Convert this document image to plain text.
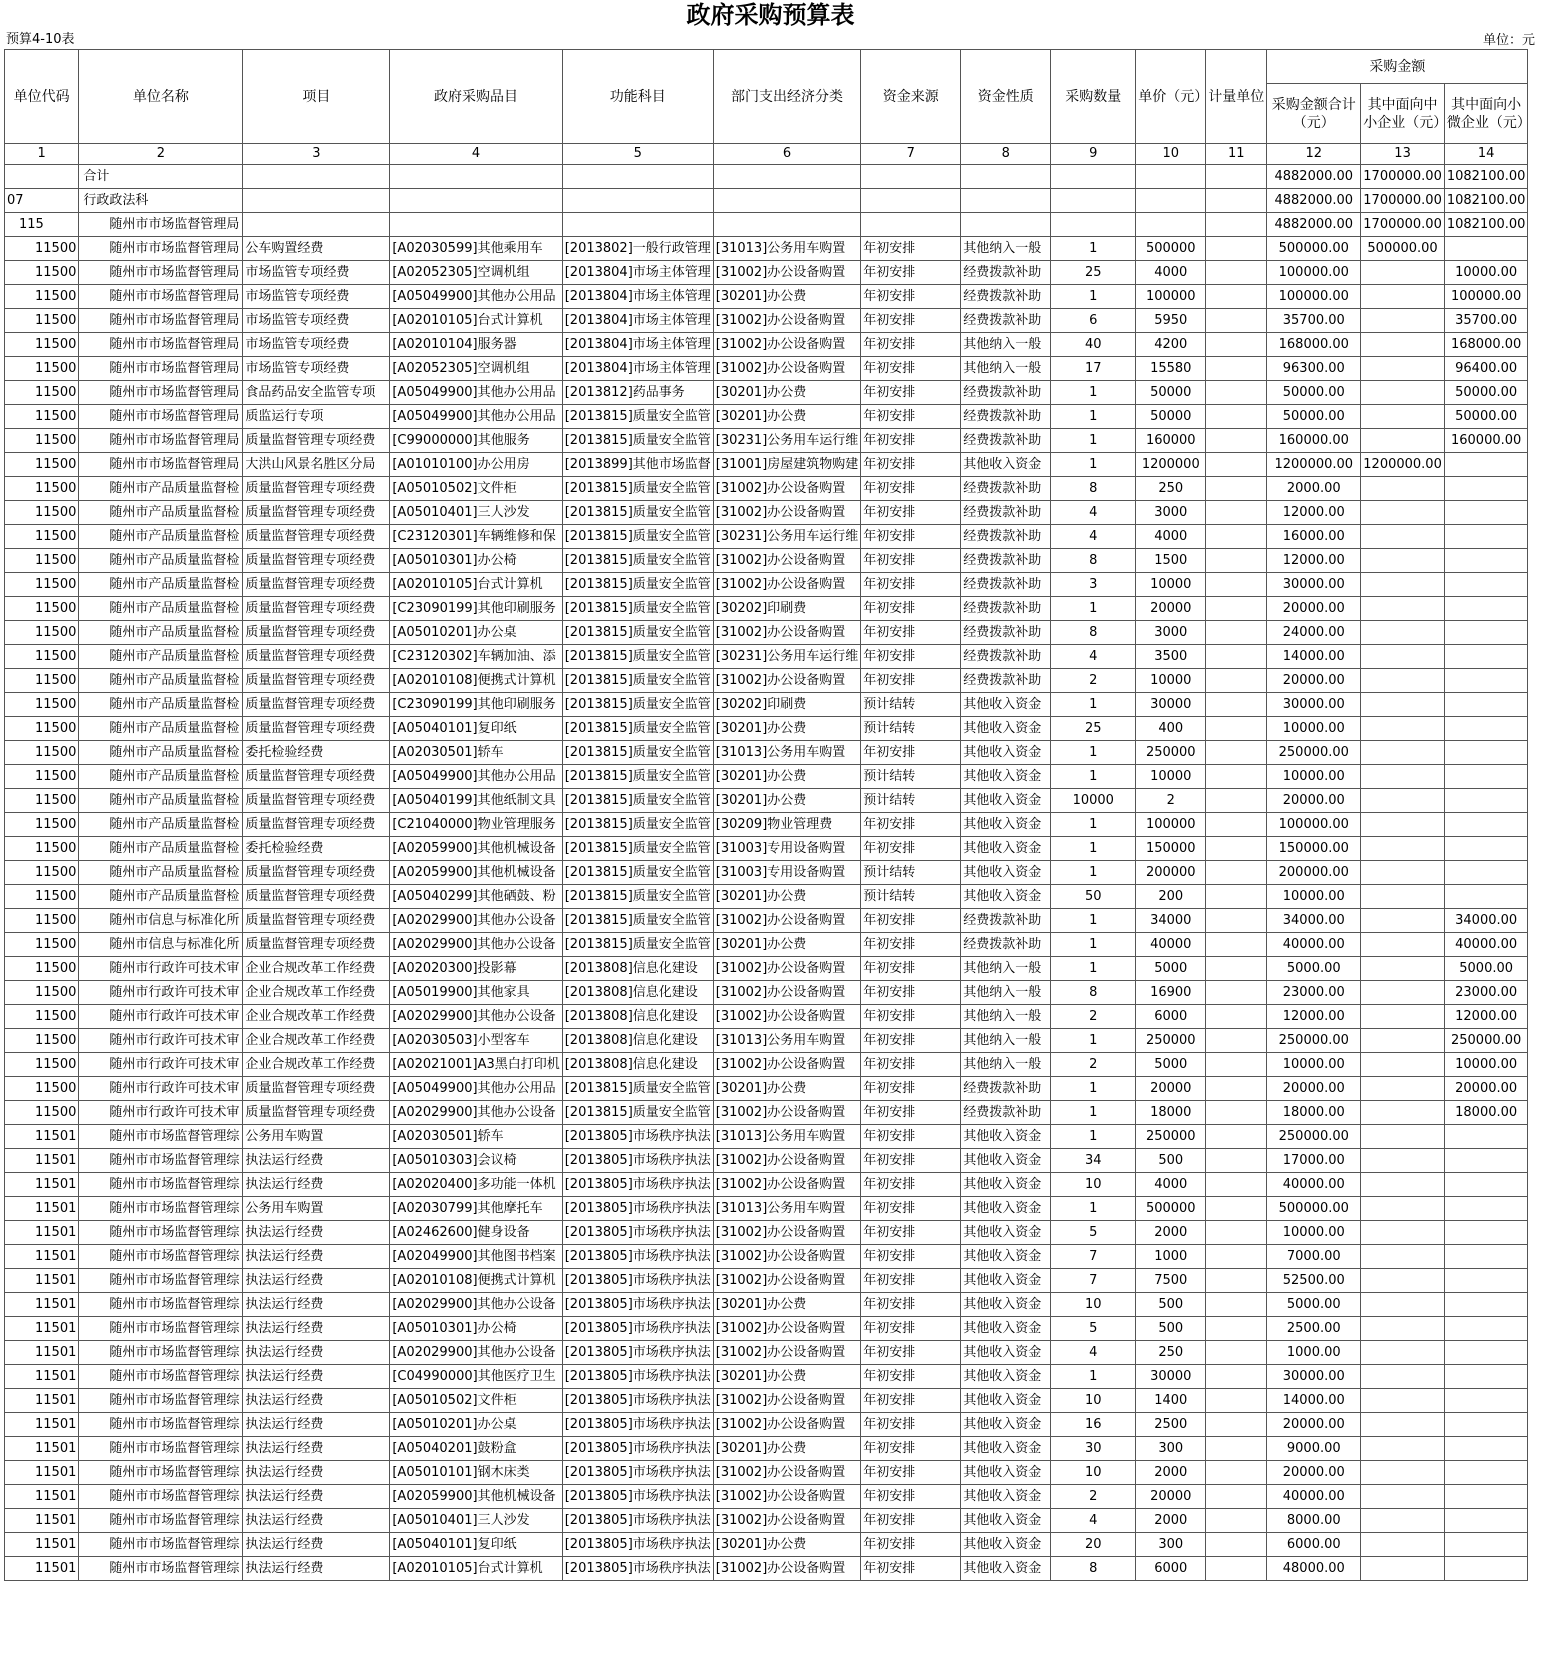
政府采购预算表
预算4-10表	单位：元
单位代码	单位名称	项目	政府采购品目	功能科目	部门支出经济分类	资金来源	资金性质	采购数量	单价（元）	计量单位	采购金额		
											采购金额合计（元）	其中面向中小企业（元）	其中面向小微企业（元）
1	2	3	4	5	6	7	8	9	10	11	12	13	14
	合计										4882000.00	1700000.00	1082100.00
07	行政政法科										4882000.00	1700000.00	1082100.00
115	随州市市场监督管理局										4882000.00	1700000.00	1082100.00
11500	随州市市场监督管理局	公车购置经费	[A02030599]其他乘用车	[2013802]一般行政管理	[31013]公务用车购置	年初安排	其他纳入一般	1	500000		500000.00	500000.00	
11500	随州市市场监督管理局	市场监管专项经费	[A02052305]空调机组	[2013804]市场主体管理	[31002]办公设备购置	年初安排	经费拨款补助	25	4000		100000.00		10000.00
11500	随州市市场监督管理局	市场监管专项经费	[A05049900]其他办公用品	[2013804]市场主体管理	[30201]办公费	年初安排	经费拨款补助	1	100000		100000.00		100000.00
11500	随州市市场监督管理局	市场监管专项经费	[A02010105]台式计算机	[2013804]市场主体管理	[31002]办公设备购置	年初安排	经费拨款补助	6	5950		35700.00		35700.00
11500	随州市市场监督管理局	市场监管专项经费	[A02010104]服务器	[2013804]市场主体管理	[31002]办公设备购置	年初安排	其他纳入一般	40	4200		168000.00		168000.00
11500	随州市市场监督管理局	市场监管专项经费	[A02052305]空调机组	[2013804]市场主体管理	[31002]办公设备购置	年初安排	其他纳入一般	17	15580		96300.00		96400.00
11500	随州市市场监督管理局	食品药品安全监管专项	[A05049900]其他办公用品	[2013812]药品事务	[30201]办公费	年初安排	经费拨款补助	1	50000		50000.00		50000.00
11500	随州市市场监督管理局	质监运行专项	[A05049900]其他办公用品	[2013815]质量安全监管	[30201]办公费	年初安排	经费拨款补助	1	50000		50000.00		50000.00
11500	随州市市场监督管理局	质量监督管理专项经费	[C99000000]其他服务	[2013815]质量安全监管	[30231]公务用车运行维	年初安排	经费拨款补助	1	160000		160000.00		160000.00
11500	随州市市场监督管理局	大洪山风景名胜区分局	[A01010100]办公用房	[2013899]其他市场监督	[31001]房屋建筑物购建	年初安排	其他收入资金	1	1200000		1200000.00	1200000.00	
11500	随州市产品质量监督检	质量监督管理专项经费	[A05010502]文件柜	[2013815]质量安全监管	[31002]办公设备购置	年初安排	经费拨款补助	8	250		2000.00		
11500	随州市产品质量监督检	质量监督管理专项经费	[A05010401]三人沙发	[2013815]质量安全监管	[31002]办公设备购置	年初安排	经费拨款补助	4	3000		12000.00		
11500	随州市产品质量监督检	质量监督管理专项经费	[C23120301]车辆维修和保	[2013815]质量安全监管	[30231]公务用车运行维	年初安排	经费拨款补助	4	4000		16000.00		
11500	随州市产品质量监督检	质量监督管理专项经费	[A05010301]办公椅	[2013815]质量安全监管	[31002]办公设备购置	年初安排	经费拨款补助	8	1500		12000.00		
11500	随州市产品质量监督检	质量监督管理专项经费	[A02010105]台式计算机	[2013815]质量安全监管	[31002]办公设备购置	年初安排	经费拨款补助	3	10000		30000.00		
11500	随州市产品质量监督检	质量监督管理专项经费	[C23090199]其他印刷服务	[2013815]质量安全监管	[30202]印刷费	年初安排	经费拨款补助	1	20000		20000.00		
11500	随州市产品质量监督检	质量监督管理专项经费	[A05010201]办公桌	[2013815]质量安全监管	[31002]办公设备购置	年初安排	经费拨款补助	8	3000		24000.00		
11500	随州市产品质量监督检	质量监督管理专项经费	[C23120302]车辆加油、添	[2013815]质量安全监管	[30231]公务用车运行维	年初安排	经费拨款补助	4	3500		14000.00		
11500	随州市产品质量监督检	质量监督管理专项经费	[A02010108]便携式计算机	[2013815]质量安全监管	[31002]办公设备购置	年初安排	经费拨款补助	2	10000		20000.00		
11500	随州市产品质量监督检	质量监督管理专项经费	[C23090199]其他印刷服务	[2013815]质量安全监管	[30202]印刷费	预计结转	其他收入资金	1	30000		30000.00		
11500	随州市产品质量监督检	质量监督管理专项经费	[A05040101]复印纸	[2013815]质量安全监管	[30201]办公费	预计结转	其他收入资金	25	400		10000.00		
11500	随州市产品质量监督检	委托检验经费	[A02030501]轿车	[2013815]质量安全监管	[31013]公务用车购置	年初安排	其他收入资金	1	250000		250000.00		
11500	随州市产品质量监督检	质量监督管理专项经费	[A05049900]其他办公用品	[2013815]质量安全监管	[30201]办公费	预计结转	其他收入资金	1	10000		10000.00		
11500	随州市产品质量监督检	质量监督管理专项经费	[A05040199]其他纸制文具	[2013815]质量安全监管	[30201]办公费	预计结转	其他收入资金	10000	2		20000.00		
11500	随州市产品质量监督检	质量监督管理专项经费	[C21040000]物业管理服务	[2013815]质量安全监管	[30209]物业管理费	年初安排	其他收入资金	1	100000		100000.00		
11500	随州市产品质量监督检	委托检验经费	[A02059900]其他机械设备	[2013815]质量安全监管	[31003]专用设备购置	年初安排	其他收入资金	1	150000		150000.00		
11500	随州市产品质量监督检	质量监督管理专项经费	[A02059900]其他机械设备	[2013815]质量安全监管	[31003]专用设备购置	预计结转	其他收入资金	1	200000		200000.00		
11500	随州市产品质量监督检	质量监督管理专项经费	[A05040299]其他硒鼓、粉	[2013815]质量安全监管	[30201]办公费	预计结转	其他收入资金	50	200		10000.00		
11500	随州市信息与标准化所	质量监督管理专项经费	[A02029900]其他办公设备	[2013815]质量安全监管	[31002]办公设备购置	年初安排	经费拨款补助	1	34000		34000.00		34000.00
11500	随州市信息与标准化所	质量监督管理专项经费	[A02029900]其他办公设备	[2013815]质量安全监管	[30201]办公费	年初安排	经费拨款补助	1	40000		40000.00		40000.00
11500	随州市行政许可技术审	企业合规改革工作经费	[A02020300]投影幕	[2013808]信息化建设	[31002]办公设备购置	年初安排	其他纳入一般	1	5000		5000.00		5000.00
11500	随州市行政许可技术审	企业合规改革工作经费	[A05019900]其他家具	[2013808]信息化建设	[31002]办公设备购置	年初安排	其他纳入一般	8	16900		23000.00		23000.00
11500	随州市行政许可技术审	企业合规改革工作经费	[A02029900]其他办公设备	[2013808]信息化建设	[31002]办公设备购置	年初安排	其他纳入一般	2	6000		12000.00		12000.00
11500	随州市行政许可技术审	企业合规改革工作经费	[A02030503]小型客车	[2013808]信息化建设	[31013]公务用车购置	年初安排	其他纳入一般	1	250000		250000.00		250000.00
11500	随州市行政许可技术审	企业合规改革工作经费	[A02021001]A3黑白打印机	[2013808]信息化建设	[31002]办公设备购置	年初安排	其他纳入一般	2	5000		10000.00		10000.00
11500	随州市行政许可技术审	质量监督管理专项经费	[A05049900]其他办公用品	[2013815]质量安全监管	[30201]办公费	年初安排	经费拨款补助	1	20000		20000.00		20000.00
11500	随州市行政许可技术审	质量监督管理专项经费	[A02029900]其他办公设备	[2013815]质量安全监管	[31002]办公设备购置	年初安排	经费拨款补助	1	18000		18000.00		18000.00
11501	随州市市场监督管理综	公务用车购置	[A02030501]轿车	[2013805]市场秩序执法	[31013]公务用车购置	年初安排	其他收入资金	1	250000		250000.00		
11501	随州市市场监督管理综	执法运行经费	[A05010303]会议椅	[2013805]市场秩序执法	[31002]办公设备购置	年初安排	其他收入资金	34	500		17000.00		
11501	随州市市场监督管理综	执法运行经费	[A02020400]多功能一体机	[2013805]市场秩序执法	[31002]办公设备购置	年初安排	其他收入资金	10	4000		40000.00		
11501	随州市市场监督管理综	公务用车购置	[A02030799]其他摩托车	[2013805]市场秩序执法	[31013]公务用车购置	年初安排	其他收入资金	1	500000		500000.00		
11501	随州市市场监督管理综	执法运行经费	[A02462600]健身设备	[2013805]市场秩序执法	[31002]办公设备购置	年初安排	其他收入资金	5	2000		10000.00		
11501	随州市市场监督管理综	执法运行经费	[A02049900]其他图书档案	[2013805]市场秩序执法	[31002]办公设备购置	年初安排	其他收入资金	7	1000		7000.00		
11501	随州市市场监督管理综	执法运行经费	[A02010108]便携式计算机	[2013805]市场秩序执法	[31002]办公设备购置	年初安排	其他收入资金	7	7500		52500.00		
11501	随州市市场监督管理综	执法运行经费	[A02029900]其他办公设备	[2013805]市场秩序执法	[30201]办公费	年初安排	其他收入资金	10	500		5000.00		
11501	随州市市场监督管理综	执法运行经费	[A05010301]办公椅	[2013805]市场秩序执法	[31002]办公设备购置	年初安排	其他收入资金	5	500		2500.00		
11501	随州市市场监督管理综	执法运行经费	[A02029900]其他办公设备	[2013805]市场秩序执法	[31002]办公设备购置	年初安排	其他收入资金	4	250		1000.00		
11501	随州市市场监督管理综	执法运行经费	[C04990000]其他医疗卫生	[2013805]市场秩序执法	[30201]办公费	年初安排	其他收入资金	1	30000		30000.00		
11501	随州市市场监督管理综	执法运行经费	[A05010502]文件柜	[2013805]市场秩序执法	[31002]办公设备购置	年初安排	其他收入资金	10	1400		14000.00		
11501	随州市市场监督管理综	执法运行经费	[A05010201]办公桌	[2013805]市场秩序执法	[31002]办公设备购置	年初安排	其他收入资金	16	2500		20000.00		
11501	随州市市场监督管理综	执法运行经费	[A05040201]鼓粉盒	[2013805]市场秩序执法	[30201]办公费	年初安排	其他收入资金	30	300		9000.00		
11501	随州市市场监督管理综	执法运行经费	[A05010101]钢木床类	[2013805]市场秩序执法	[31002]办公设备购置	年初安排	其他收入资金	10	2000		20000.00		
11501	随州市市场监督管理综	执法运行经费	[A02059900]其他机械设备	[2013805]市场秩序执法	[31002]办公设备购置	年初安排	其他收入资金	2	20000		40000.00		
11501	随州市市场监督管理综	执法运行经费	[A05010401]三人沙发	[2013805]市场秩序执法	[31002]办公设备购置	年初安排	其他收入资金	4	2000		8000.00		
11501	随州市市场监督管理综	执法运行经费	[A05040101]复印纸	[2013805]市场秩序执法	[30201]办公费	年初安排	其他收入资金	20	300		6000.00		
11501	随州市市场监督管理综	执法运行经费	[A02010105]台式计算机	[2013805]市场秩序执法	[31002]办公设备购置	年初安排	其他收入资金	8	6000		48000.00		
